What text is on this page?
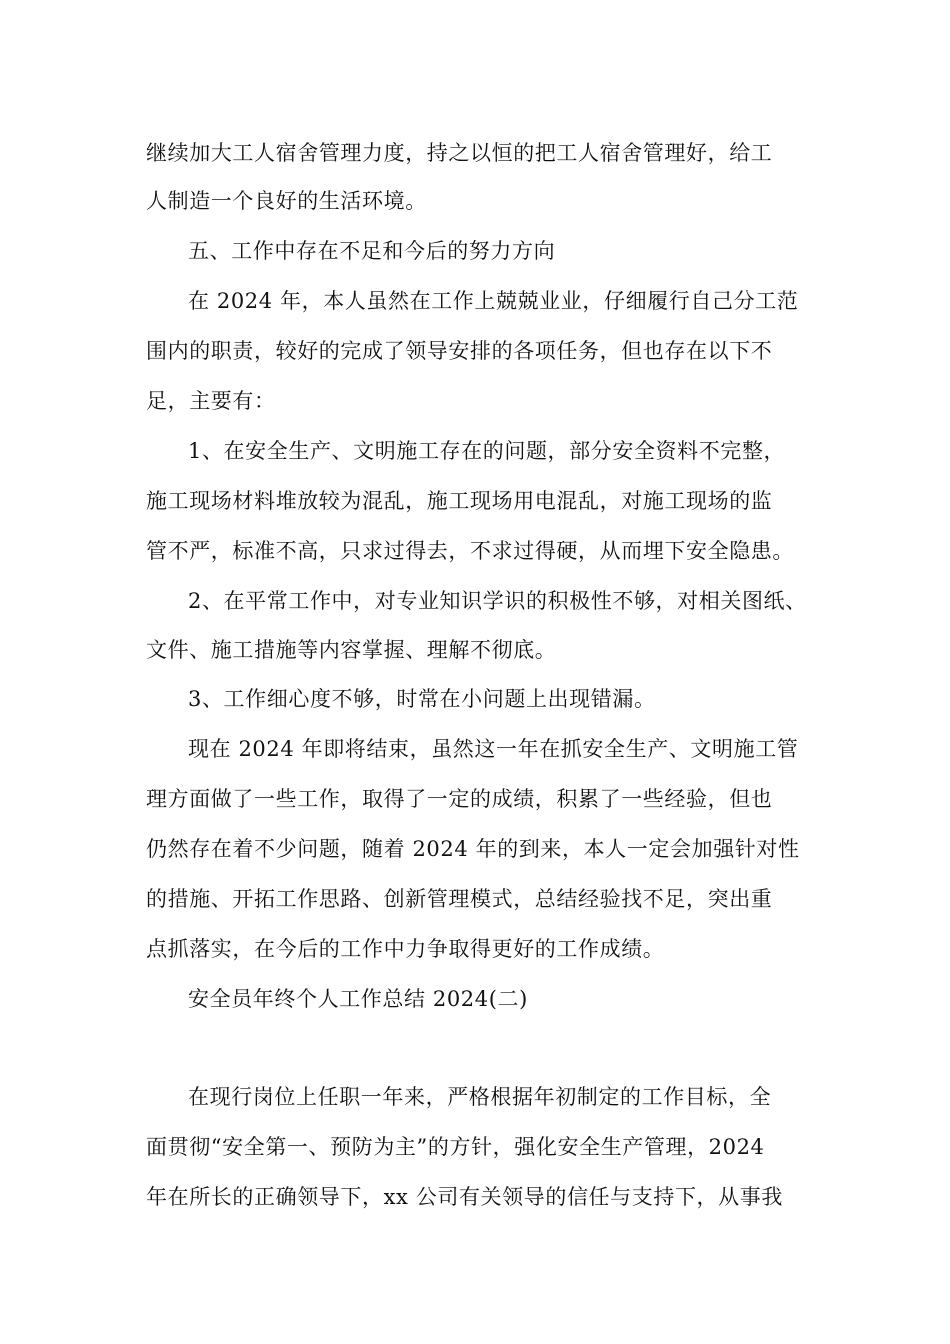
继续加大工人宿舍管理力度，持之以恒的把工人宿舍管理好，给工
人制造一个良好的生活环境。
五、工作中存在不足和今后的努力方向
在 2024 年，本人虽然在工作上兢兢业业，仔细履行自己分工范
围内的职责，较好的完成了领导安排的各项任务，但也存在以下不
足，主要有：
1、在安全生产、文明施工存在的问题，部分安全资料不完整，
施工现场材料堆放较为混乱，施工现场用电混乱，对施工现场的监
管不严，标准不高，只求过得去，不求过得硬，从而埋下安全隐患。
2、在平常工作中，对专业知识学识的积极性不够，对相关图纸、
文件、施工措施等内容掌握、理解不彻底。
3、工作细心度不够，时常在小问题上出现错漏。
现在 2024 年即将结束，虽然这一年在抓安全生产、文明施工管
理方面做了一些工作，取得了一定的成绩，积累了一些经验，但也
仍然存在着不少问题，随着 2024 年的到来，本人一定会加强针对性
的措施、开拓工作思路、创新管理模式，总结经验找不足，突出重
点抓落实，在今后的工作中力争取得更好的工作成绩。
安全员年终个人工作总结 2024(二)
在现行岗位上任职一年来，严格根据年初制定的工作目标，全
面贯彻“安全第一、预防为主”的方针，强化安全生产管理，2024
年在所长的正确领导下，xx 公司有关领导的信任与支持下，从事我
